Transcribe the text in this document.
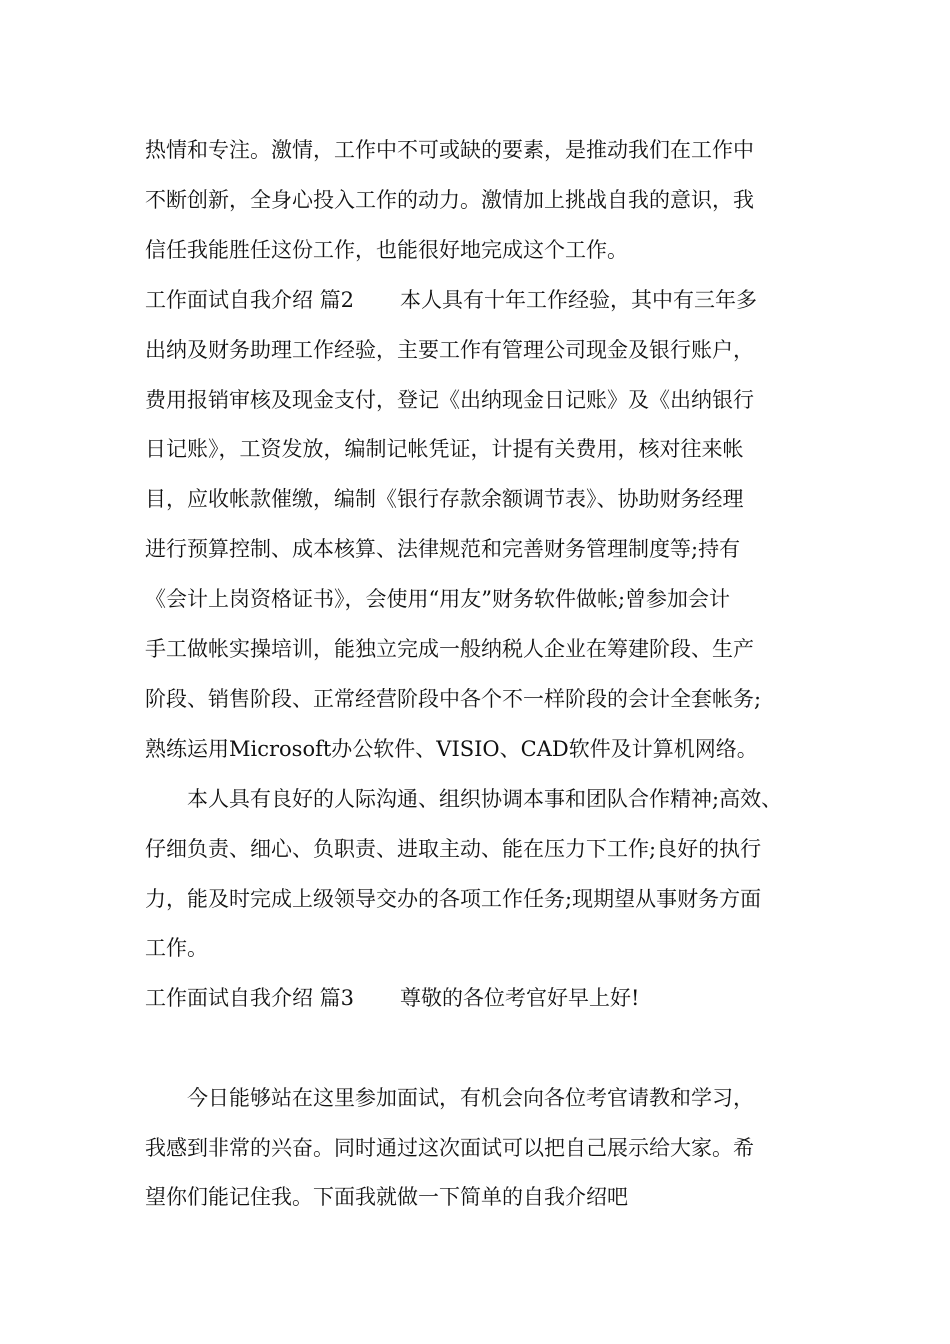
热情和专注。激情，工作中不可或缺的要素，是推动我们在工作中
不断创新，全身心投入工作的动力。激情加上挑战自我的意识，我
信任我能胜任这份工作，也能很好地完成这个工作。
工作面试自我介绍 篇2 本人具有十年工作经验，其中有三年多
出纳及财务助理工作经验，主要工作有管理公司现金及银行账户，
费用报销审核及现金支付，登记《出纳现金日记账》及《出纳银行
日记账》，工资发放，编制记帐凭证，计提有关费用，核对往来帐
目，应收帐款催缴，编制《银行存款余额调节表》、协助财务经理
进行预算控制、成本核算、法律规范和完善财务管理制度等;持有
《会计上岗资格证书》，会使用“用友”财务软件做帐;曾参加会计
手工做帐实操培训，能独立完成一般纳税人企业在筹建阶段、生产
阶段、销售阶段、正常经营阶段中各个不一样阶段的会计全套帐务;
熟练运用Microsoft办公软件、VISIO、CAD软件及计算机网络。
本人具有良好的人际沟通、组织协调本事和团队合作精神;高效、
仔细负责、细心、负职责、进取主动、能在压力下工作;良好的执行
力，能及时完成上级领导交办的各项工作任务;现期望从事财务方面
工作。
工作面试自我介绍 篇3 尊敬的各位考官好早上好!
今日能够站在这里参加面试，有机会向各位考官请教和学习，
我感到非常的兴奋。同时通过这次面试可以把自己展示给大家。希
望你们能记住我。下面我就做一下简单的自我介绍吧
